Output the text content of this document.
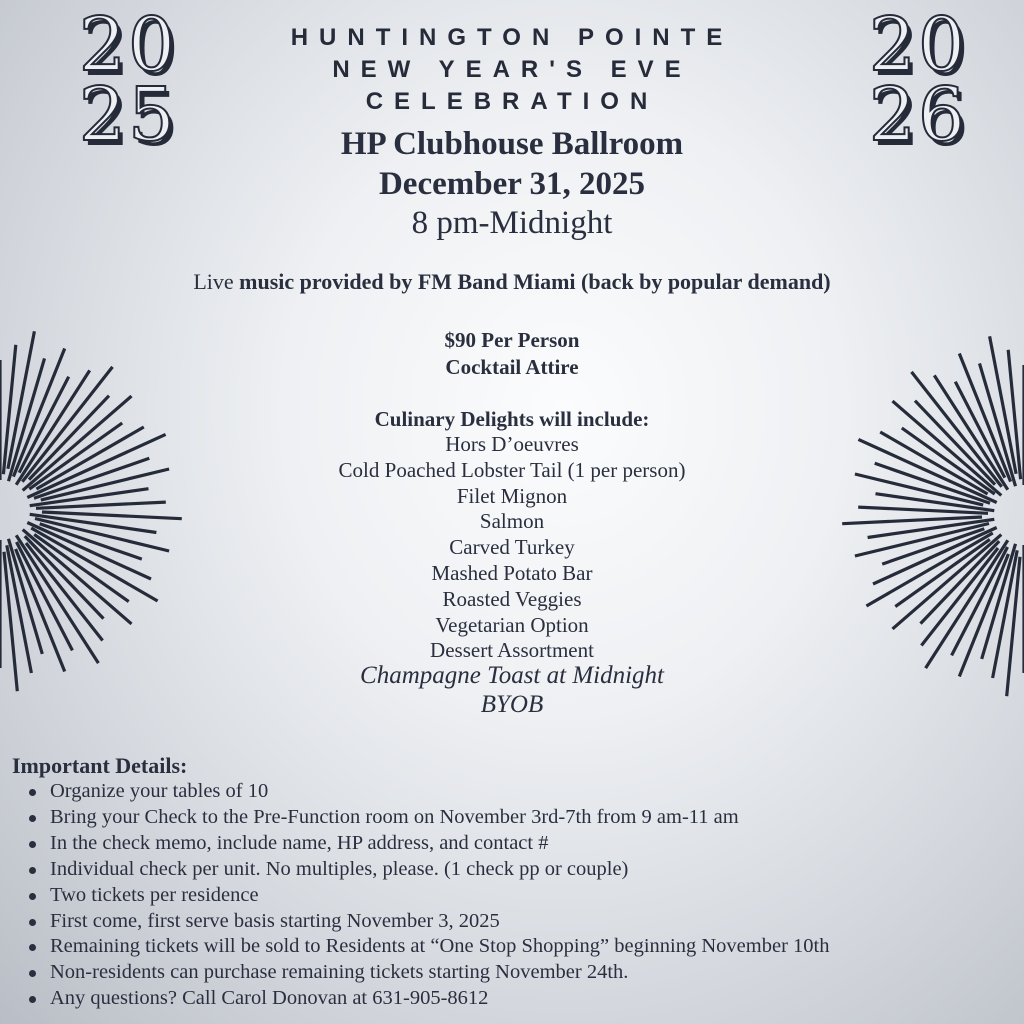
20
25
20
26
HUNTINGTON POINTE
NEW YEAR'S EVE
CELEBRATION
HP Clubhouse Ballroom
December 31, 2025
8 pm-Midnight
Live music provided by FM Band Miami (back by popular demand)
$90 Per Person
Cocktail Attire
Culinary Delights will include:
Hors D’oeuvres
Cold Poached Lobster Tail (1 per person)
Filet Mignon
Salmon
Carved Turkey
Mashed Potato Bar
Roasted Veggies
Vegetarian Option
Dessert Assortment
Champagne Toast at Midnight
BYOB
Important Details:
Organize your tables of 10
Bring your Check to the Pre-Function room on November 3rd-7th from 9 am-11 am
In the check memo, include name, HP address, and contact #
Individual check per unit. No multiples, please. (1 check pp or couple)
Two tickets per residence
First come, first serve basis starting November 3, 2025
Remaining tickets will be sold to Residents at “One Stop Shopping” beginning November 10th
Non-residents can purchase remaining tickets starting November 24th.
Any questions? Call Carol Donovan at 631-905-8612
